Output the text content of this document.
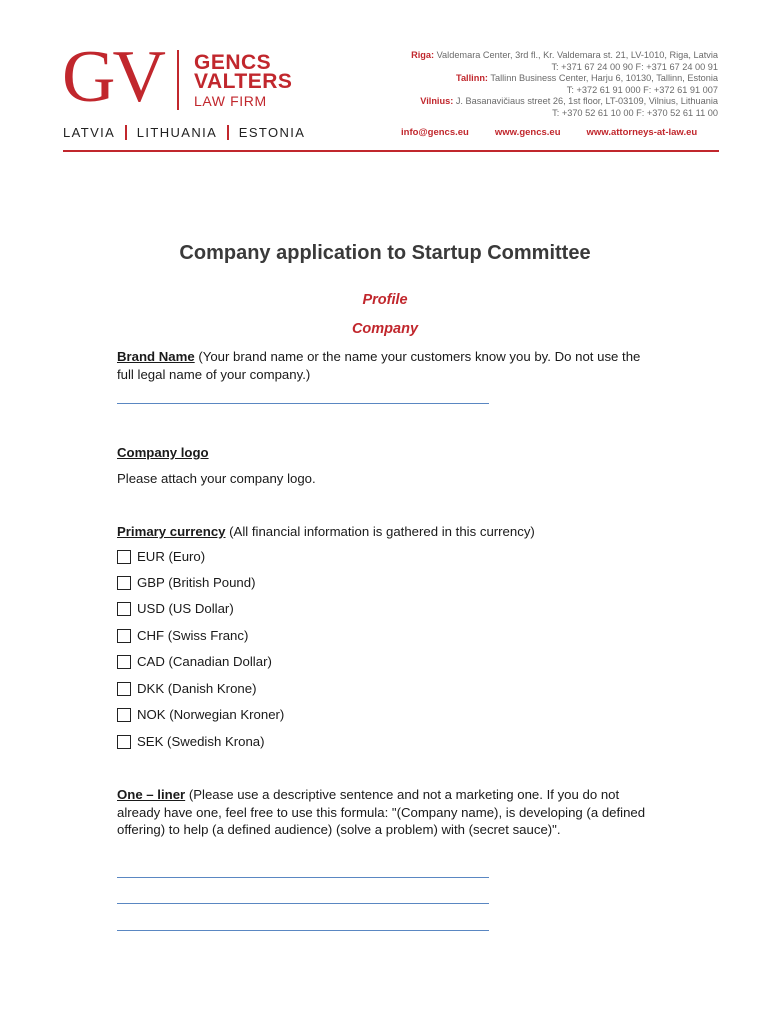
GV GENCS
VALTERS
LAW FIRM
LATVIA LITHUANIA ESTONIA
Riga: Valdemara Center, 3rd fl., Kr. Valdemara st. 21, LV-1010, Riga, Latvia
T: +371 67 24 00 90 F: +371 67 24 00 91
Tallinn: Tallinn Business Center, Harju 6, 10130, Tallinn, Estonia
T: +372 61 91 000 F: +372 61 91 007
Vilnius: J. Basanavičiaus street 26, 1st floor, LT-03109, Vilnius, Lithuania
T: +370 52 61 10 00 F: +370 52 61 11 00
info@gencs.eu	www.gencs.eu	www.attorneys-at-law.eu
Company application to Startup Committee
Profile
Company
Brand Name (Your brand name or the name your customers know you by. Do not use the full legal name of your company.)
Company logo
Please attach your company logo.
Primary currency (All financial information is gathered in this currency)
EUR (Euro)
GBP (British Pound)
USD (US Dollar)
CHF (Swiss Franc)
CAD (Canadian Dollar)
DKK (Danish Krone)
NOK (Norwegian Kroner)
SEK (Swedish Krona)
One – liner (Please use a descriptive sentence and not a marketing one. If you do not already have one, feel free to use this formula: "(Company name), is developing (a defined offering) to help (a defined audience) (solve a problem) with (secret sauce)".
